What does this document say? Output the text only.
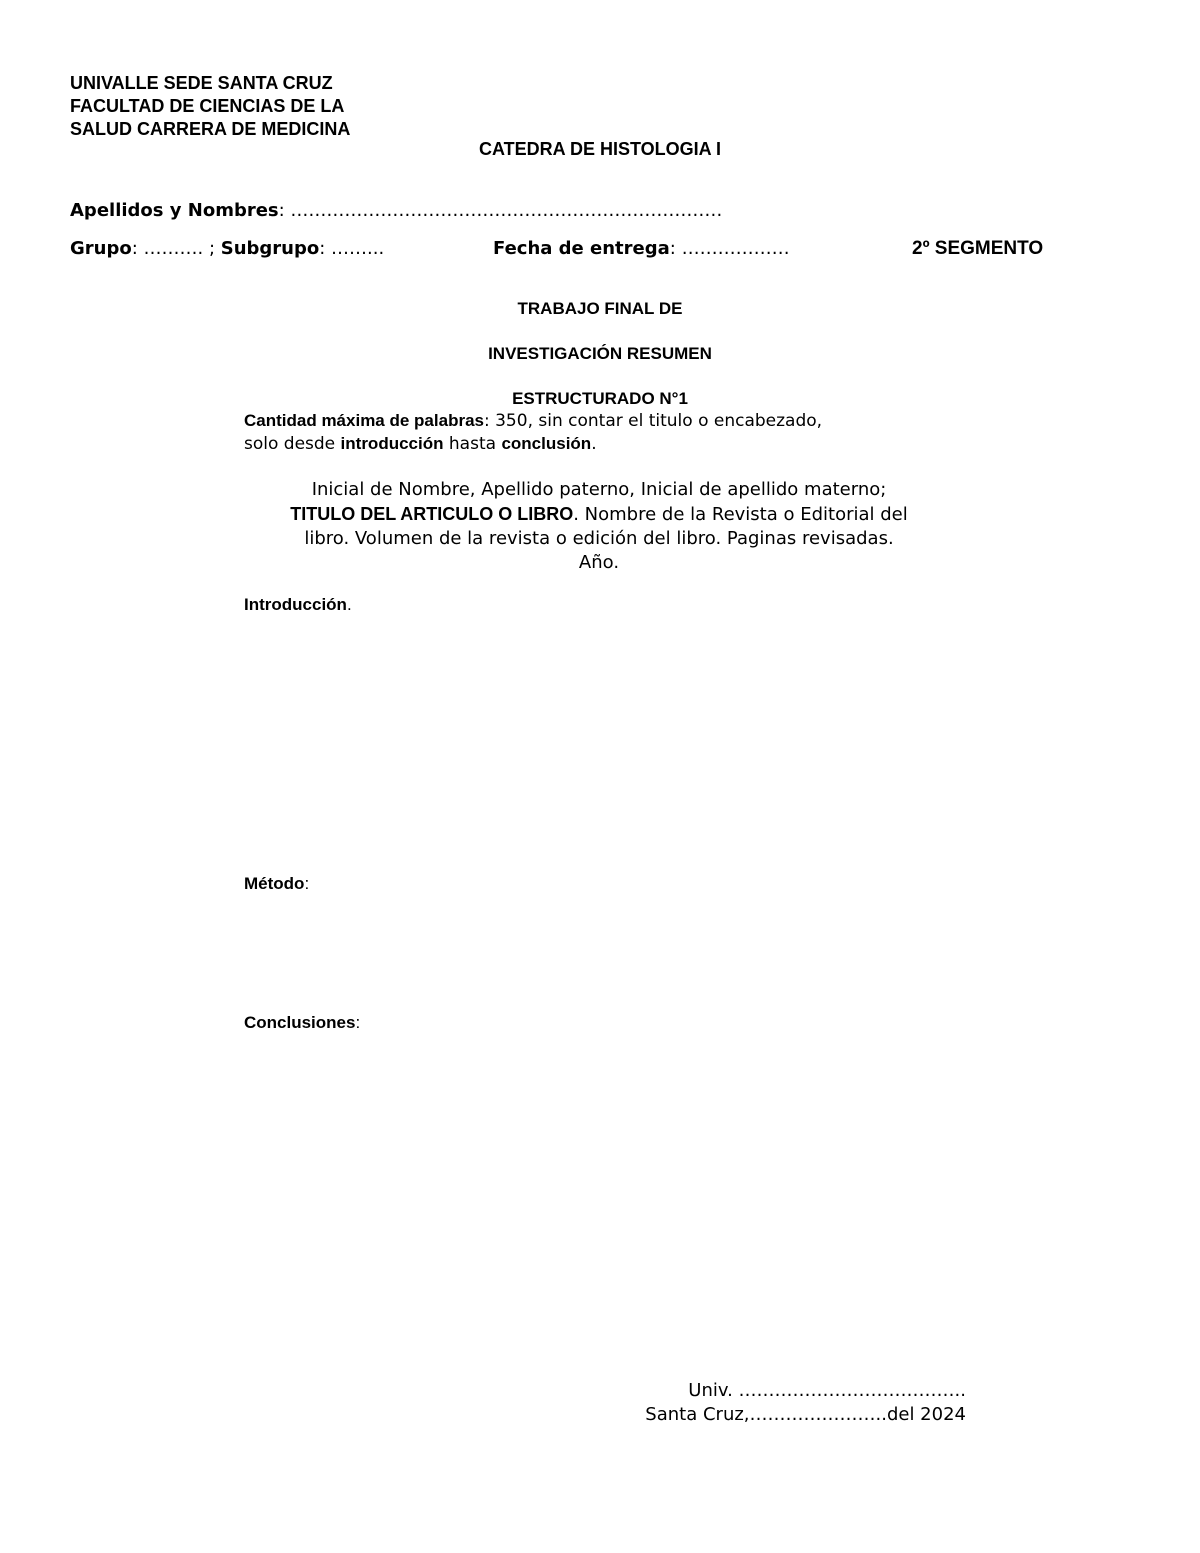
UNIVALLE SEDE SANTA CRUZ
FACULTAD DE CIENCIAS DE LA
SALUD CARRERA DE MEDICINA
CATEDRA DE HISTOLOGIA I
Apellidos y Nombres: ………………………………………………………………
Grupo: ………. ; Subgrupo: ……...	Fecha de entrega: ………………	2º SEGMENTO
TRABAJO FINAL DE
INVESTIGACIÓN RESUMEN
ESTRUCTURADO N°1
Cantidad máxima de palabras: 350, sin contar el titulo o encabezado,
solo desde introducción hasta conclusión.
Inicial de Nombre, Apellido paterno, Inicial de apellido materno;
TITULO DEL ARTICULO O LIBRO. Nombre de la Revista o Editorial del
libro. Volumen de la revista o edición del libro. Paginas revisadas.
Año.
Introducción.
Método:
Conclusiones:
Univ. ………………………………..
Santa Cruz,…………………..del 2024
